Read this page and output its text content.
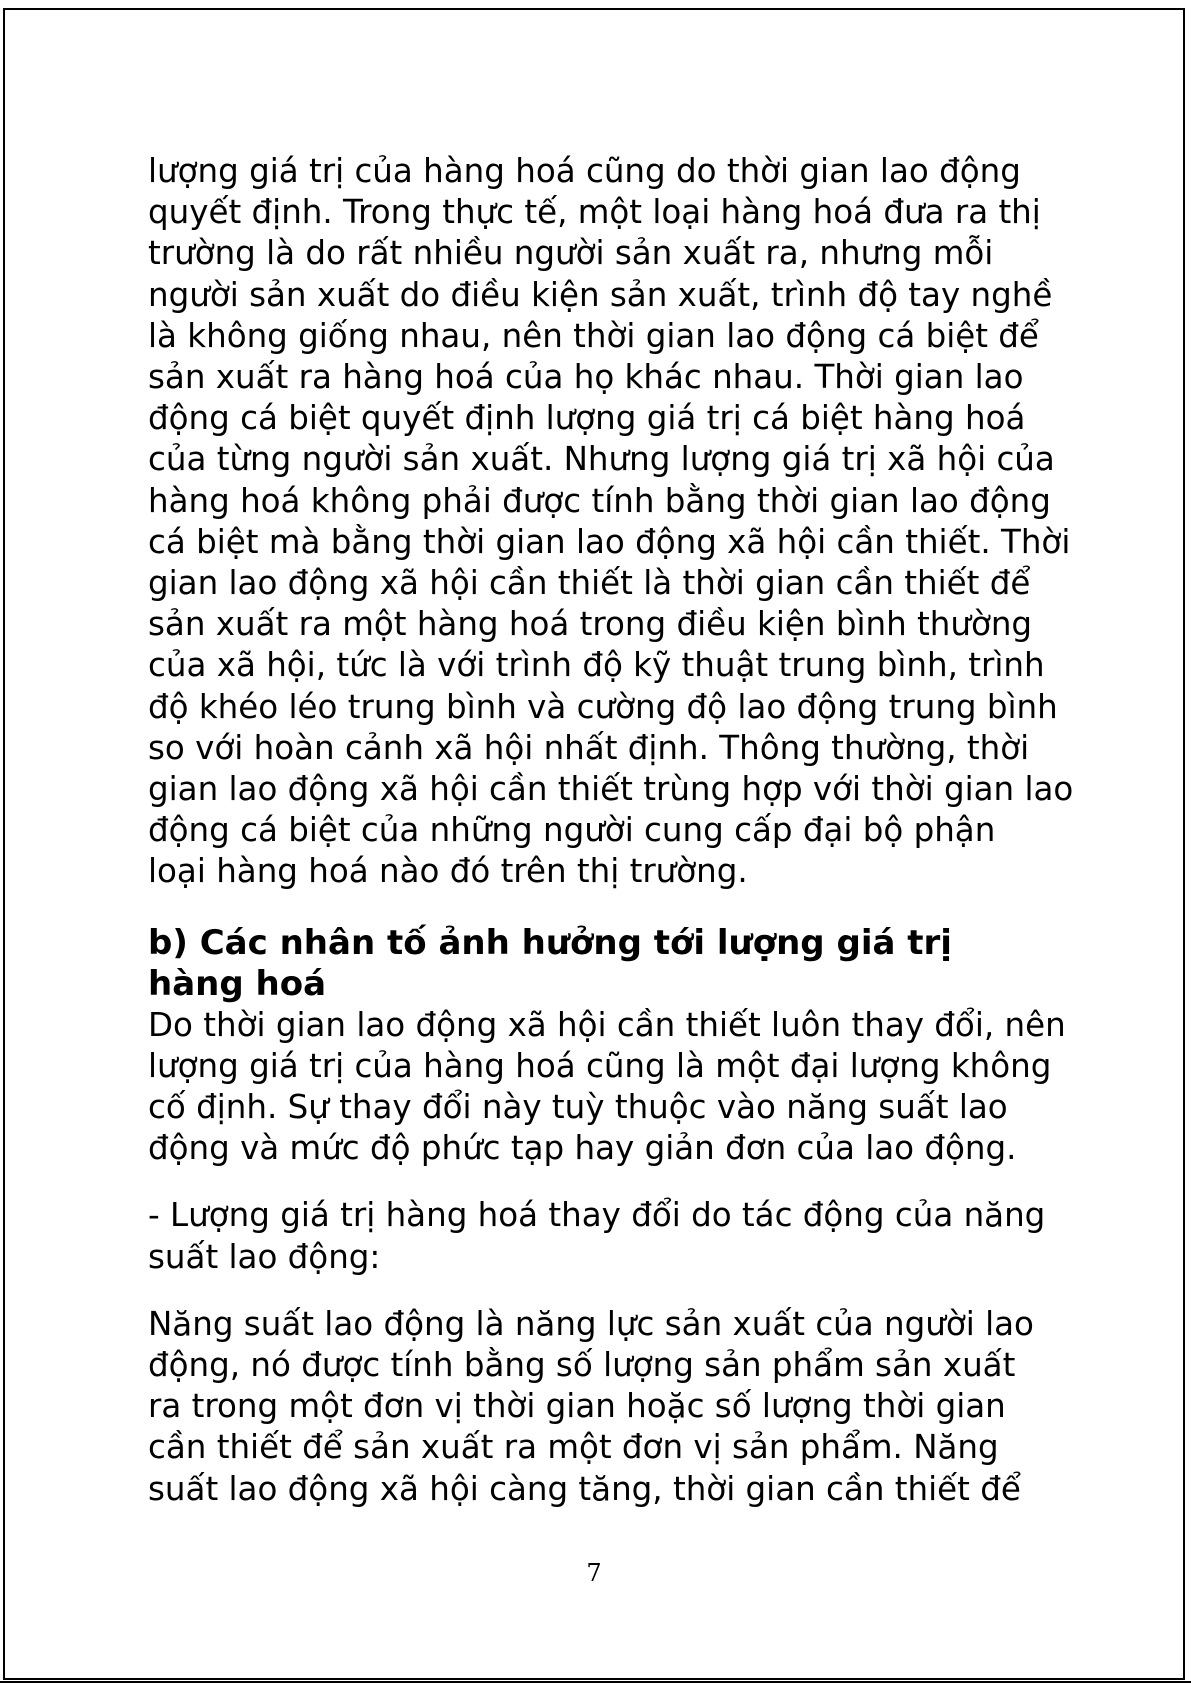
lượng giá trị của hàng hoá cũng do thời gian lao động
quyết định. Trong thực tế, một loại hàng hoá đưa ra thị
trường là do rất nhiều người sản xuất ra, nhưng mỗi
người sản xuất do điều kiện sản xuất, trình độ tay nghề
là không giống nhau, nên thời gian lao động cá biệt để
sản xuất ra hàng hoá của họ khác nhau. Thời gian lao
động cá biệt quyết định lượng giá trị cá biệt hàng hoá
của từng người sản xuất. Nhưng lượng giá trị xã hội của
hàng hoá không phải được tính bằng thời gian lao động
cá biệt mà bằng thời gian lao động xã hội cần thiết. Thời
gian lao động xã hội cần thiết là thời gian cần thiết để
sản xuất ra một hàng hoá trong điều kiện bình thường
của xã hội, tức là với trình độ kỹ thuật trung bình, trình
độ khéo léo trung bình và cường độ lao động trung bình
so với hoàn cảnh xã hội nhất định. Thông thường, thời
gian lao động xã hội cần thiết trùng hợp với thời gian lao
động cá biệt của những người cung cấp đại bộ phận
loại hàng hoá nào đó trên thị trường.
b) Các nhân tố ảnh hưởng tới lượng giá trị
hàng hoá
Do thời gian lao động xã hội cần thiết luôn thay đổi, nên
lượng giá trị của hàng hoá cũng là một đại lượng không
cố định. Sự thay đổi này tuỳ thuộc vào năng suất lao
động và mức độ phức tạp hay giản đơn của lao động.
- Lượng giá trị hàng hoá thay đổi do tác động của năng
suất lao động:
Năng suất lao động là năng lực sản xuất của người lao
động, nó được tính bằng số lượng sản phẩm sản xuất
ra trong một đơn vị thời gian hoặc số lượng thời gian
cần thiết để sản xuất ra một đơn vị sản phẩm. Năng
suất lao động xã hội càng tăng, thời gian cần thiết để
7
